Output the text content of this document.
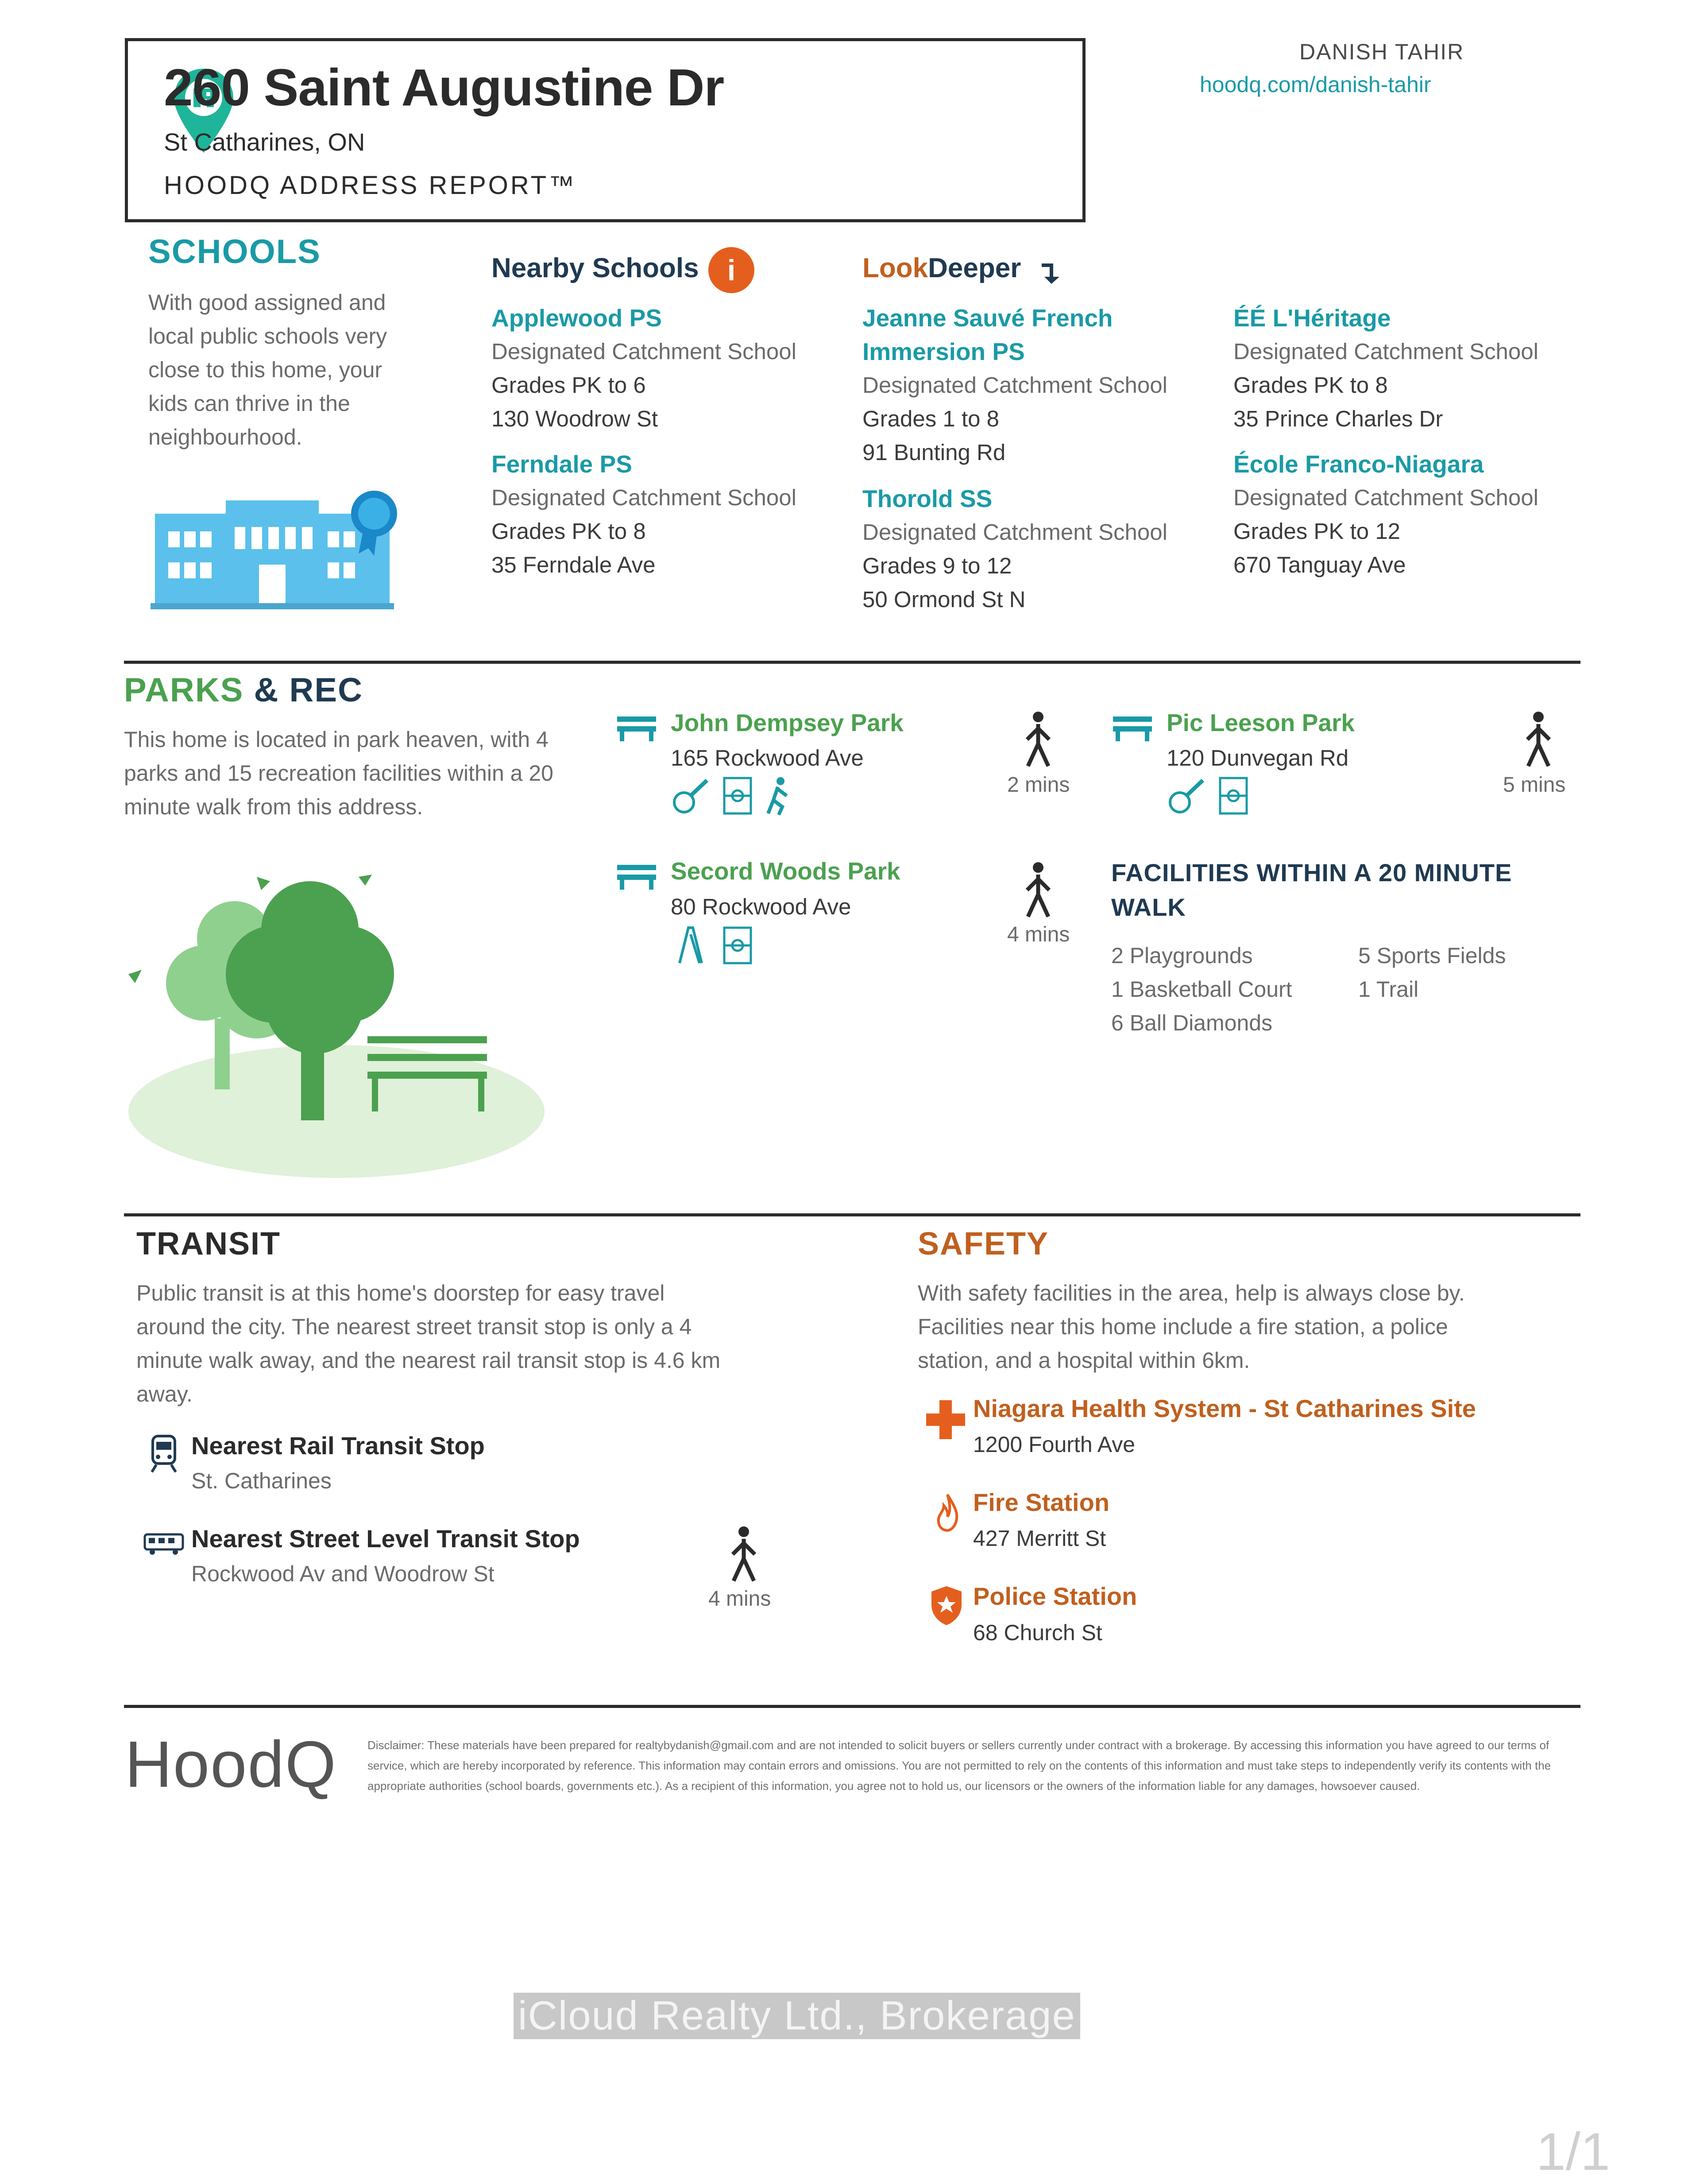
260 Saint Augustine Dr
St Catharines, ON
HOODQ ADDRESS REPORT™
DANISH TAHIR
hoodq.com/danish-tahir
SCHOOLS
With good assigned and
local public schools very
close to this home, your
kids can thrive in the
neighbourhood.
Nearby Schools i	LookDeeper
Applewood PS
Designated Catchment School
Grades PK to 6
130 Woodrow St
Ferndale PS
Designated Catchment School
Grades PK to 8
35 Ferndale Ave
Jeanne Sauvé French
Immersion PS
Designated Catchment School
Grades 1 to 8
91 Bunting Rd
Thorold SS
Designated Catchment School
Grades 9 to 12
50 Ormond St N
ÉÉ L'Héritage
Designated Catchment School
Grades PK to 8
35 Prince Charles Dr
École Franco-Niagara
Designated Catchment School
Grades PK to 12
670 Tanguay Ave
PARKS & REC
This home is located in park heaven, with 4
parks and 15 recreation facilities within a 20
minute walk from this address.
John Dempsey Park
165 Rockwood Ave
2 mins
Pic Leeson Park
120 Dunvegan Rd
5 mins
Secord Woods Park
80 Rockwood Ave
4 mins
FACILITIES WITHIN A 20 MINUTE
WALK
2 Playgrounds
1 Basketball Court
6 Ball Diamonds
5 Sports Fields
1 Trail
TRANSIT
Public transit is at this home's doorstep for easy travel
around the city. The nearest street transit stop is only a 4
minute walk away, and the nearest rail transit stop is 4.6 km
away.
Nearest Rail Transit Stop
St. Catharines
Nearest Street Level Transit Stop
Rockwood Av and Woodrow St
4 mins
SAFETY
With safety facilities in the area, help is always close by.
Facilities near this home include a fire station, a police
station, and a hospital within 6km.
Niagara Health System - St Catharines Site
1200 Fourth Ave
Fire Station
427 Merritt St
Police Station
68 Church St
HoodQ	Disclaimer: These materials have been prepared for realtybydanish@gmail.com and are not intended to solicit buyers or sellers currently under contract with a brokerage. By accessing this information you have agreed to our terms of service, which are hereby incorporated by reference. This information may contain errors and omissions. You are not permitted to rely on the contents of this information and must take steps to independently verify its contents with the appropriate authorities (school boards, governments etc.). As a recipient of this information, you agree not to hold us, our licensors or the owners of the information liable for any damages, howsoever caused.
iCloud Realty Ltd., Brokerage
1/1
